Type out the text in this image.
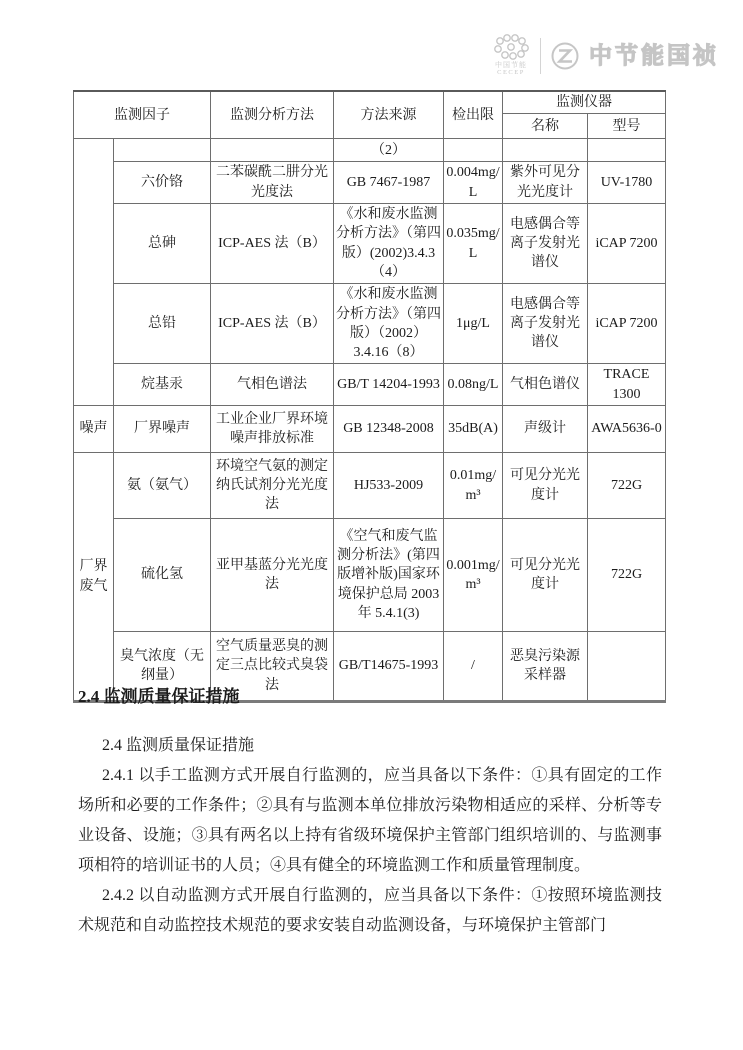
中国节能
CECEP
中节能国祯
监测因子		监测分析方法	方法来源	检出限	监测仪器	
					名称	型号
			（2）			
	六价铬	二苯碳酰二肼分光光度法	GB 7467-1987	0.004mg/L	紫外可见分光光度计	UV-1780
	总砷	ICP-AES 法（B）	《水和废水监测分析方法》（第四版）(2002)3.4.3（4）	0.035mg/L	电感偶合等离子发射光谱仪	iCAP 7200
	总铅	ICP-AES 法（B）	《水和废水监测分析方法》（第四版）（2002） 3.4.16（8）	1μg/L	电感偶合等离子发射光谱仪	iCAP 7200
	烷基汞	气相色谱法	GB/T 14204-1993	0.08ng/L	气相色谱仪	TRACE 1300
噪声	厂界噪声	工业企业厂界环境噪声排放标准	GB 12348-2008	35dB(A)	声级计	AWA5636-0
厂界废气	氨（氨气）	环境空气氨的测定纳氏试剂分光光度法	HJ533-2009	0.01mg/m³	可见分光光度计	722G
	硫化氢	亚甲基蓝分光光度法	《空气和废气监测分析法》(第四版增补版)国家环境保护总局 2003 年 5.4.1(3)	0.001mg/m³	可见分光光度计	722G
	臭气浓度（无纲量）	空气质量恶臭的测定三点比较式臭袋法	GB/T14675-1993	/	恶臭污染源采样器	
2.4 监测质量保证措施

2.4 监测质量保证措施

2.4.1 以手工监测方式开展自行监测的，应当具备以下条件：①具有固定的工作场所和必要的工作条件；②具有与监测本单位排放污染物相适应的采样、分析等专业设备、设施；③具有两名以上持有省级环境保护主管部门组织培训的、与监测事项相符的培训证书的人员；④具有健全的环境监测工作和质量管理制度。

2.4.2 以自动监测方式开展自行监测的，应当具备以下条件：①按照环境监测技术规范和自动监控技术规范的要求安装自动监测设备，与环境保护主管部门
